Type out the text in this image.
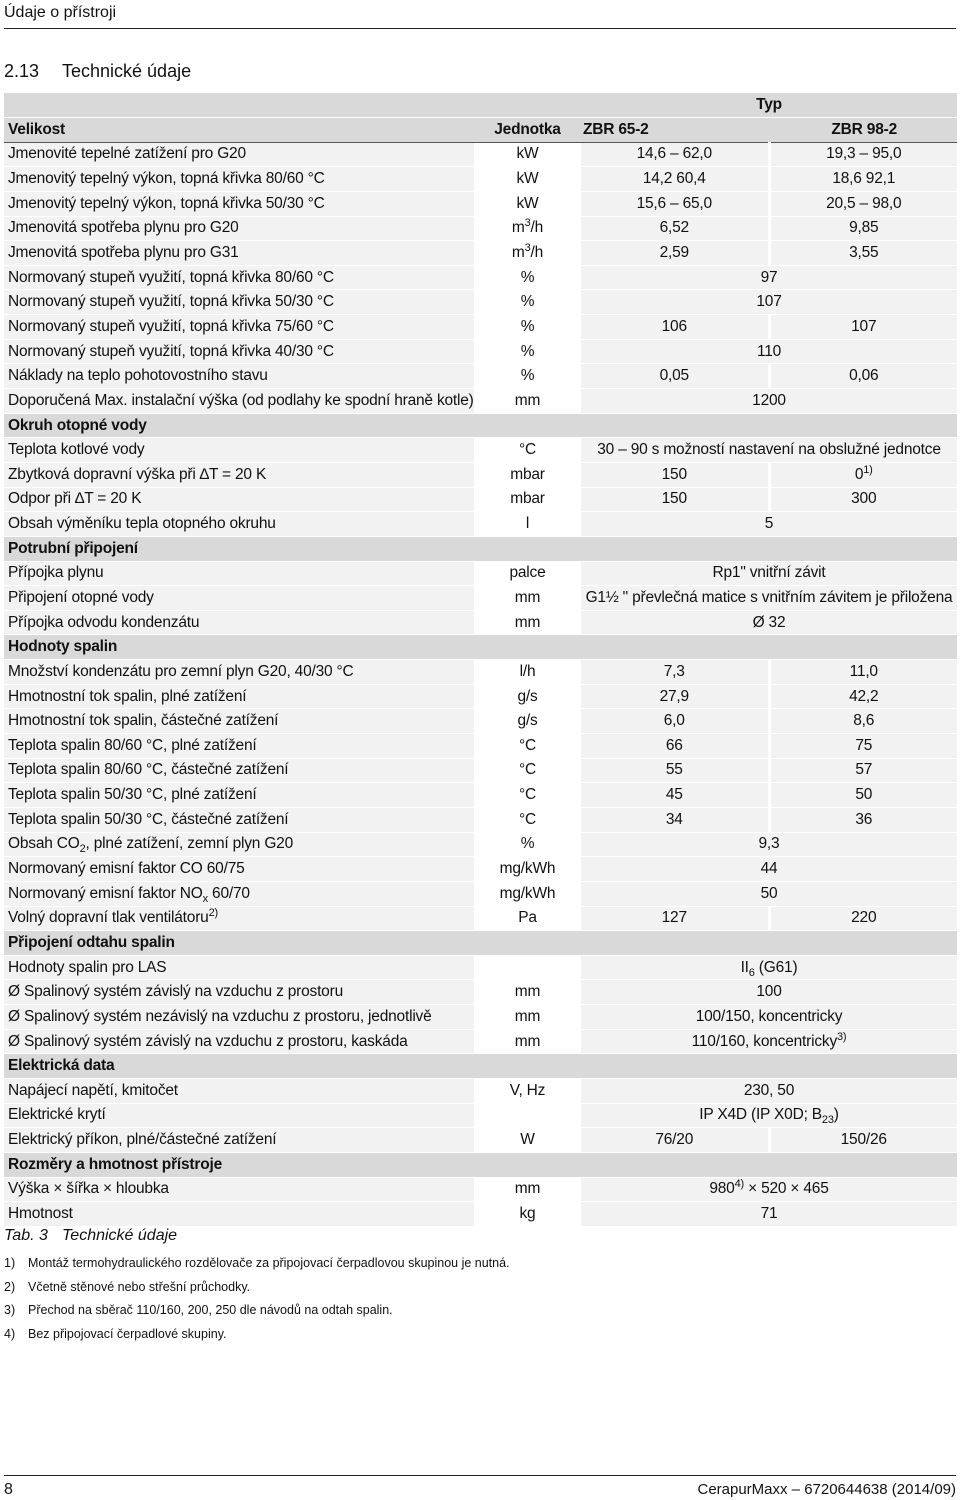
Údaje o přístroji
2.13 Technické údaje
		Typ	
Velikost	Jednotka	ZBR 65-2	ZBR 98-2
Jmenovité tepelné zatížení pro G20	kW	14,6 – 62,0	19,3 – 95,0
Jmenovitý tepelný výkon, topná křivka 80/60 °C	kW	14,2 60,4	18,6 92,1
Jmenovitý tepelný výkon, topná křivka 50/30 °C	kW	15,6 – 65,0	20,5 – 98,0
Jmenovitá spotřeba plynu pro G20	$m^3/h$	6,52	9,85
Jmenovitá spotřeba plynu pro G31	$m^3/h$	2,59	3,55
Normovaný stupeň využití, topná křivka 80/60 °C	%	97	
Normovaný stupeň využití, topná křivka 50/30 °C	%	107	
Normovaný stupeň využití, topná křivka 75/60 °C	%	106	107
Normovaný stupeň využití, topná křivka 40/30 °C	%	110	
Náklady na teplo pohotovostního stavu	%	0,05	0,06
Doporučená Max. instalační výška (od podlahy ke spodní hraně kotle)	mm	1200	
Okruh otopné vody			
Teplota kotlové vody	°C	30 – 90 s možností nastavení na obslužné jednotce	
Zbytková dopravní výška při ∆T = 20 K	mbar	150	0$^{1)}$
Odpor při ∆T = 20 K	mbar	150	300
Obsah výměníku tepla otopného okruhu	l	5	
Potrubní připojení			
Přípojka plynu	palce	Rp1" vnitřní závit	
Připojení otopné vody	mm	G1½ " převlečná matice s vnitřním závitem je přiložena	
Přípojka odvodu kondenzátu	mm	Ø 32	
Hodnoty spalin			
Množství kondenzátu pro zemní plyn G20, 40/30 °C	l/h	7,3	11,0
Hmotnostní tok spalin, plné zatížení	g/s	27,9	42,2
Hmotnostní tok spalin, částečné zatížení	g/s	6,0	8,6
Teplota spalin 80/60 °C, plné zatížení	°C	66	75
Teplota spalin 80/60 °C, částečné zatížení	°C	55	57
Teplota spalin 50/30 °C, plné zatížení	°C	45	50
Teplota spalin 50/30 °C, částečné zatížení	°C	34	36
Obsah $CO_2$, plné zatížení, zemní plyn G20	%	9,3	
Normovaný emisní faktor CO 60/75	mg/kWh	44	
Normovaný emisní faktor $NO_x$ 60/70	mg/kWh	50	
Volný dopravní tlak ventilátoru$^{2)}$	Pa	127	220
Připojení odtahu spalin			
Hodnoty spalin pro LAS		$II_6$ (G61)	
Ø Spalinový systém závislý na vzduchu z prostoru	mm	100	
Ø Spalinový systém nezávislý na vzduchu z prostoru, jednotlivě	mm	100/150, koncentricky	
Ø Spalinový systém závislý na vzduchu z prostoru, kaskáda	mm	110/160, koncentricky$^{3)}$
Elektrická data			
Napájecí napětí, kmitočet	V, Hz	230, 50	
Elektrické krytí		IP X4D (IP X0D; $B_{23}$)	
Elektrický příkon, plné/částečné zatížení	W	76/20	150/26
Rozměry a hmotnost přístroje			
Výška × šířka × hloubka	mm	$980^{4)} \times 520 \times 465$	
Hmotnost	kg	71	
Tab. 3 Technické údaje
1) Montáž termohydraulického rozdělovače za připojovací čerpadlovou skupinou je nutná.
2) Včetně stěnové nebo střešní průchodky.
3) Přechod na sběrač 110/160, 200, 250 dle návodů na odtah spalin.
4) Bez připojovací čerpadlové skupiny.
8	CerapurMaxx – 6720644638 (2014/09)
